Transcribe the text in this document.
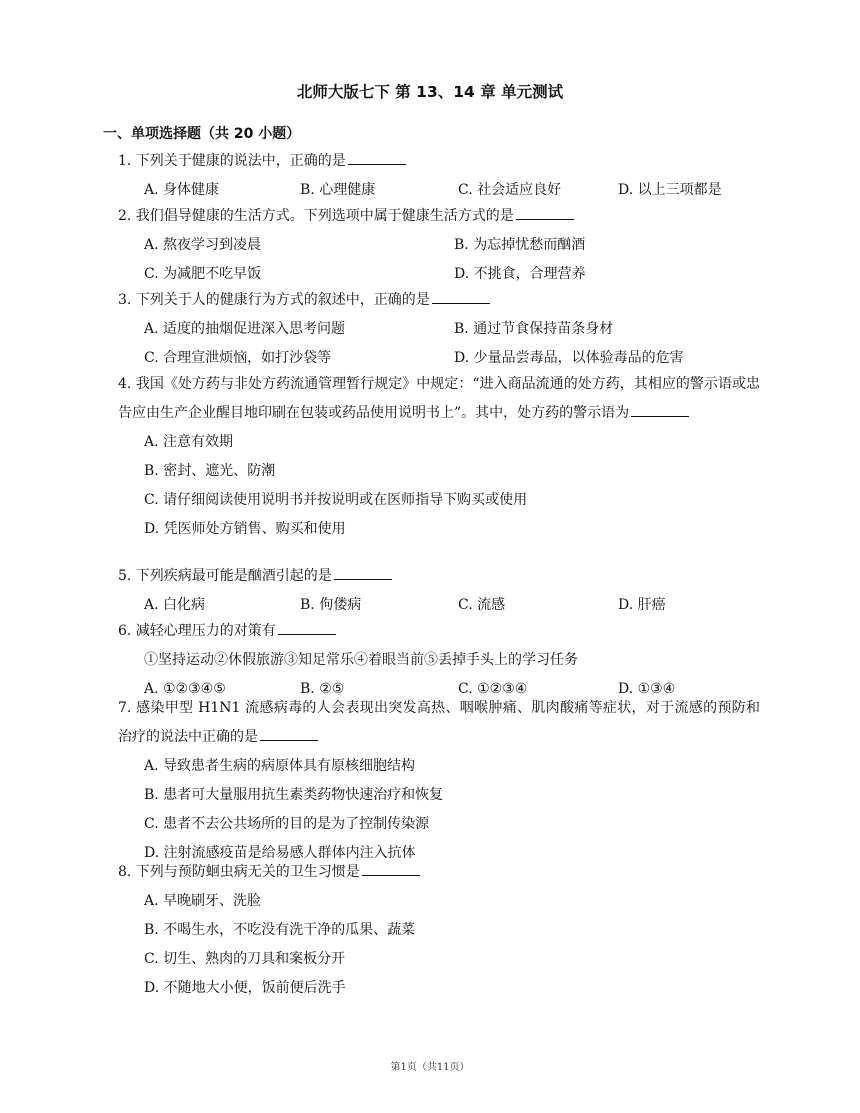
北师大版七下 第 13、14 章 单元测试
一、单项选择题（共 20 小题）
1. 下列关于健康的说法中，正确的是
A. 身体健康	B. 心理健康	C. 社会适应良好	D. 以上三项都是
2. 我们倡导健康的生活方式。下列选项中属于健康生活方式的是
A. 熬夜学习到凌晨	B. 为忘掉忧愁而酗酒
C. 为减肥不吃早饭	D. 不挑食，合理营养
3. 下列关于人的健康行为方式的叙述中，正确的是
A. 适度的抽烟促进深入思考问题	B. 通过节食保持苗条身材
C. 合理宣泄烦恼，如打沙袋等	D. 少量品尝毒品，以体验毒品的危害
4. 我国《处方药与非处方药流通管理暂行规定》中规定：“进入商品流通的处方药，其相应的警示语或忠告应由生产企业醒目地印刷在包装或药品使用说明书上”。其中，处方药的警示语为
A. 注意有效期
B. 密封、遮光、防潮
C. 请仔细阅读使用说明书并按说明或在医师指导下购买或使用
D. 凭医师处方销售、购买和使用
5. 下列疾病最可能是酗酒引起的是
A. 白化病	B. 佝偻病	C. 流感	D. 肝癌
6. 减轻心理压力的对策有
①坚持运动②休假旅游③知足常乐④着眼当前⑤丢掉手头上的学习任务
A. ①②③④⑤	B. ②⑤	C. ①②③④	D. ①③④
7. 感染甲型 H1N1 流感病毒的人会表现出突发高热、咽喉肿痛、肌肉酸痛等症状，对于流感的预防和治疗的说法中正确的是
A. 导致患者生病的病原体具有原核细胞结构
B. 患者可大量服用抗生素类药物快速治疗和恢复
C. 患者不去公共场所的目的是为了控制传染源
D. 注射流感疫苗是给易感人群体内注入抗体
8. 下列与预防蛔虫病无关的卫生习惯是
A. 早晚刷牙、洗脸
B. 不喝生水，不吃没有洗干净的瓜果、蔬菜
C. 切生、熟肉的刀具和案板分开
D. 不随地大小便，饭前便后洗手
第1页（共11页）
